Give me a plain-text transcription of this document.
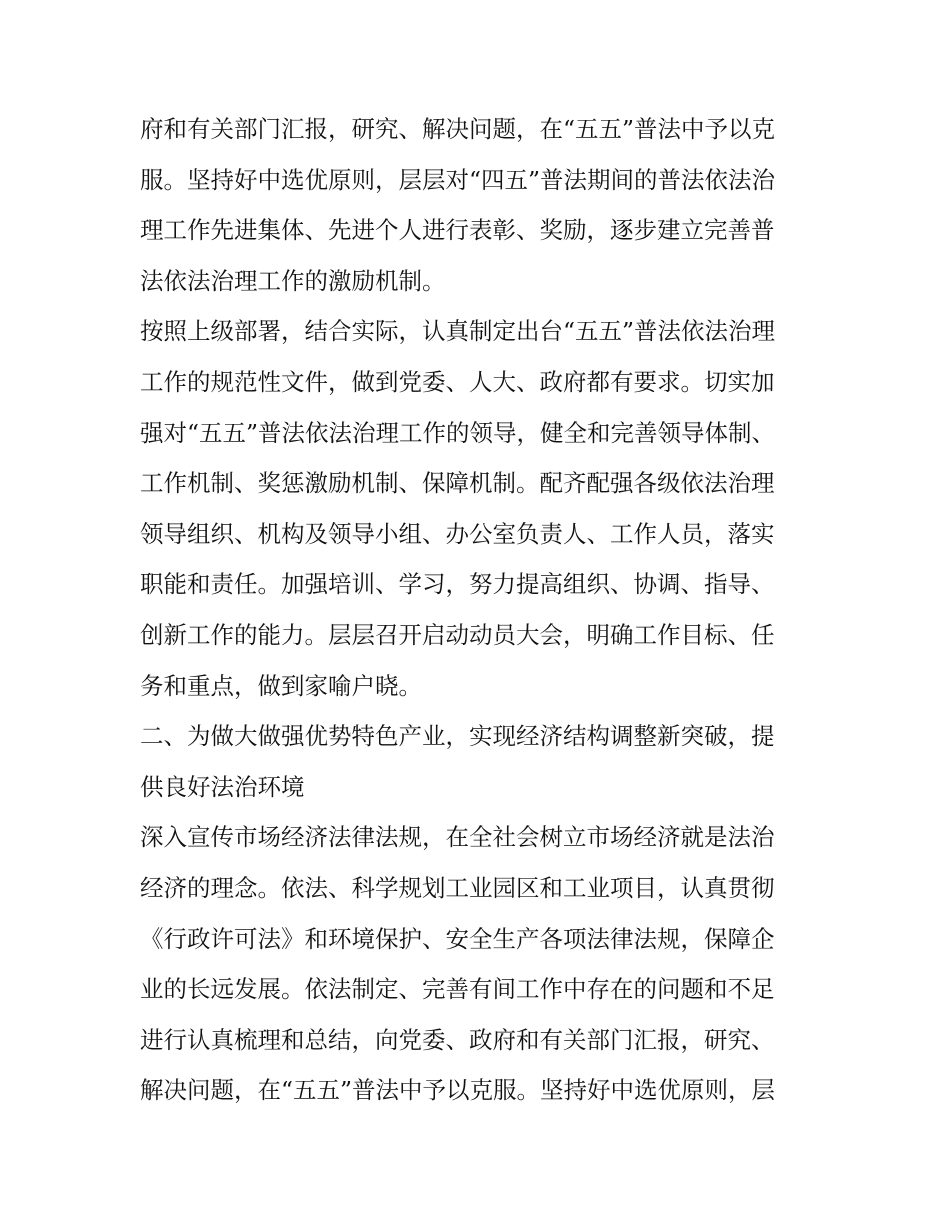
府和有关部门汇报，研究、解决问题，在“五五”普法中予以克
服。坚持好中选优原则，层层对“四五”普法期间的普法依法治
理工作先进集体、先进个人进行表彰、奖励，逐步建立完善普
法依法治理工作的激励机制。
按照上级部署，结合实际，认真制定出台“五五”普法依法治理
工作的规范性文件，做到党委、人大、政府都有要求。切实加
强对“五五”普法依法治理工作的领导，健全和完善领导体制、
工作机制、奖惩激励机制、保障机制。配齐配强各级依法治理
领导组织、机构及领导小组、办公室负责人、工作人员，落实
职能和责任。加强培训、学习，努力提高组织、协调、指导、
创新工作的能力。层层召开启动动员大会，明确工作目标、任
务和重点，做到家喻户晓。
二、为做大做强优势特色产业，实现经济结构调整新突破，提
供良好法治环境
深入宣传市场经济法律法规，在全社会树立市场经济就是法治
经济的理念。依法、科学规划工业园区和工业项目，认真贯彻
《行政许可法》和环境保护、安全生产各项法律法规，保障企
业的长远发展。依法制定、完善有间工作中存在的问题和不足
进行认真梳理和总结，向党委、政府和有关部门汇报，研究、
解决问题，在“五五”普法中予以克服。坚持好中选优原则，层
